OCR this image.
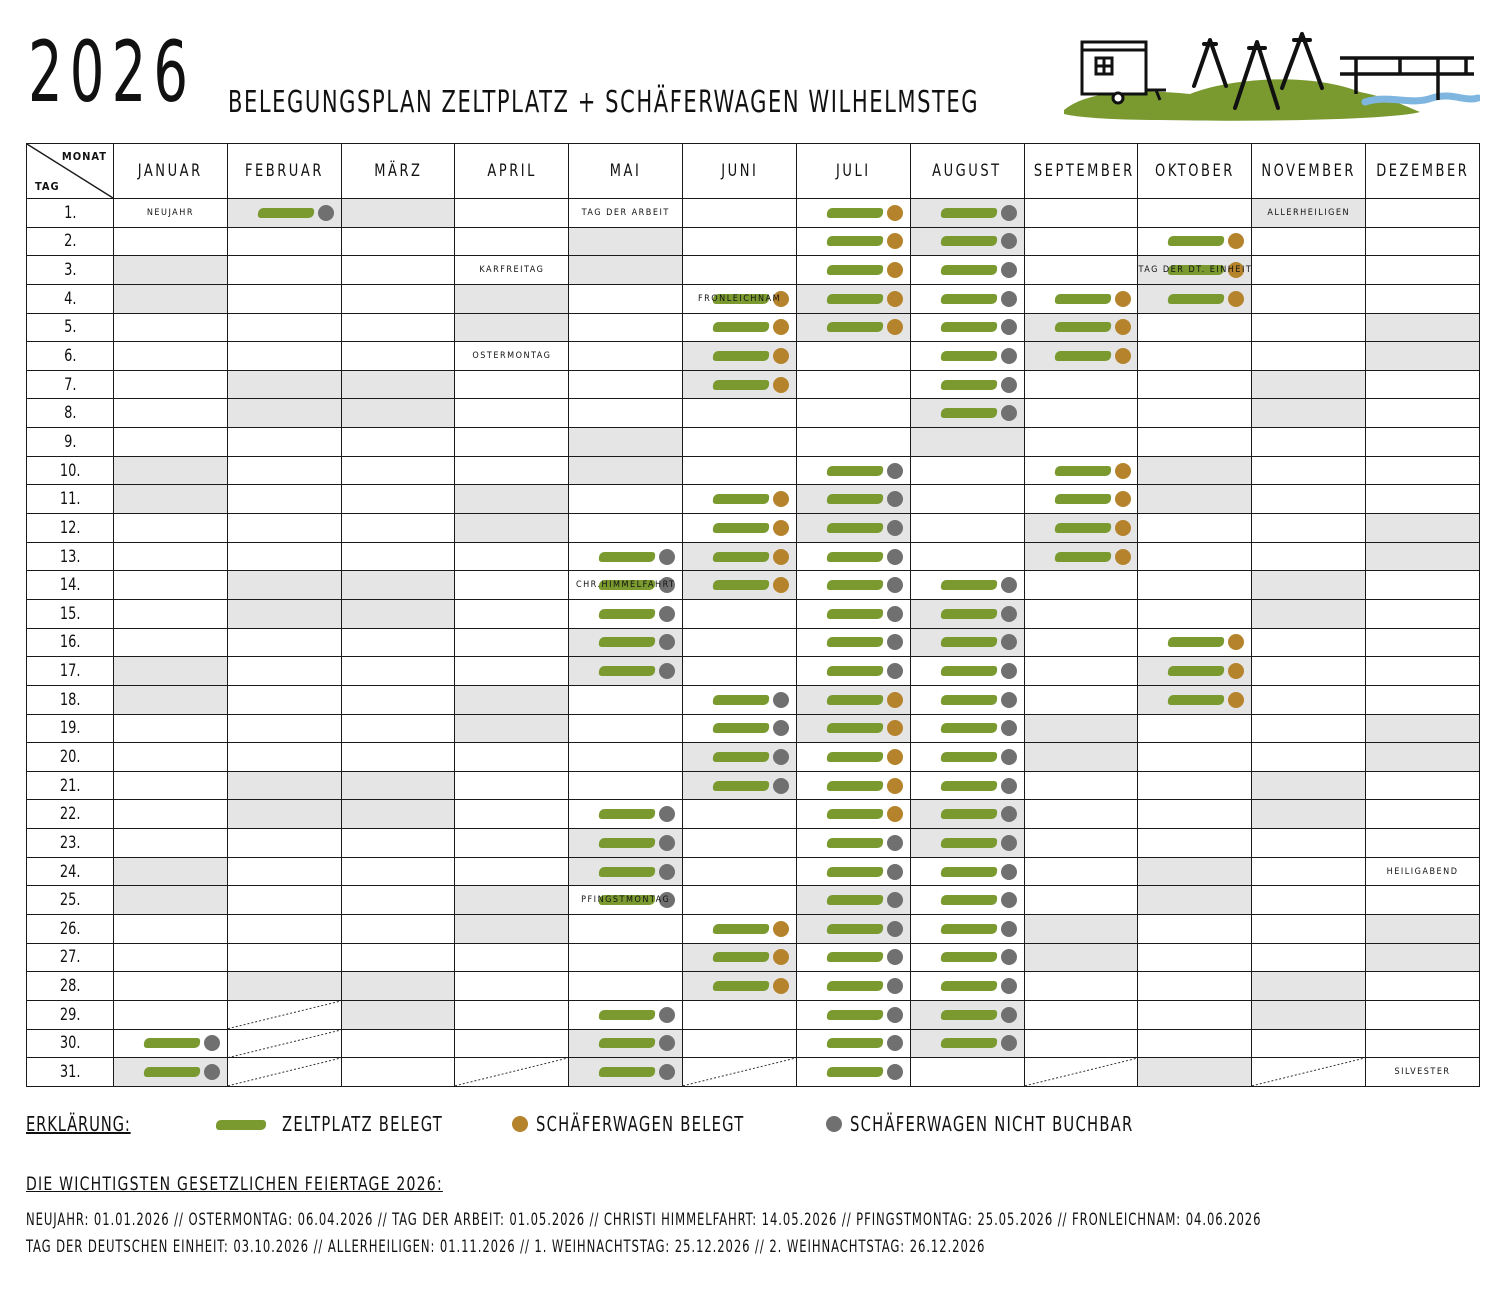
2026 BELEGUNGSPLAN ZELTPLATZ + SCHÄFERWAGEN WILHELMSTEG
MONAT
TAG	JANUAR	FEBRUAR	MÄRZ	APRIL	MAI	JUNI	JULI	AUGUST	SEPTEMBER	OKTOBER	NOVEMBER	DEZEMBER
1.	NEUJAHR				TAG DER ARBEIT						ALLERHEILIGEN	

2.							

3.				KARFREITAG						TAG DER DT. EINHEIT		

4.						FRONLEICHNAM						

5.						

6.				OSTERMONTAG								

7.						

8.								

9.												
10.							

11.						

12.						

13.					

14.					CHR.HIMMELFAHRT							

15.					

16.					

17.					

18.						

19.						

20.						

21.						

22.					

23.					

24.												HEILIGABEND

25.					PFINGSTMONTAG							

26.						

27.						

28.						

29.		

30.	

31.												SILVESTER
ERKLÄRUNG:	ZELTPLATZ BELEGT	SCHÄFERWAGEN BELEGT	SCHÄFERWAGEN NICHT BUCHBAR
DIE WICHTIGSTEN GESETZLICHEN FEIERTAGE 2026:
NEUJAHR: 01.01.2026 // OSTERMONTAG: 06.04.2026 // TAG DER ARBEIT: 01.05.2026 // CHRISTI HIMMELFAHRT: 14.05.2026 // PFINGSTMONTAG: 25.05.2026 // FRONLEICHNAM: 04.06.2026
TAG DER DEUTSCHEN EINHEIT: 03.10.2026 // ALLERHEILIGEN: 01.11.2026 // 1. WEIHNACHTSTAG: 25.12.2026 // 2. WEIHNACHTSTAG: 26.12.2026
